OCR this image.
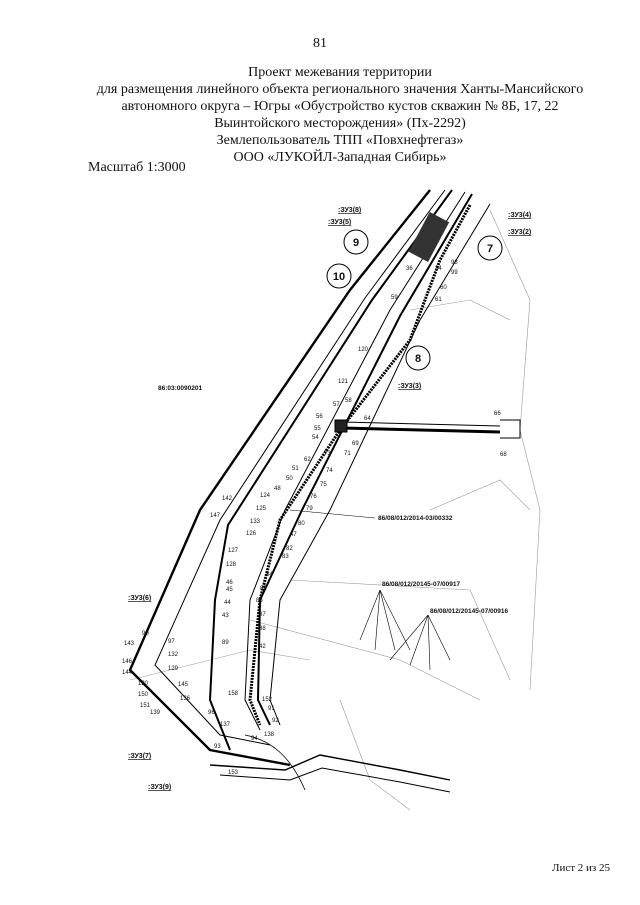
81
Проект межевания территории
для размещения линейного объекта регионального значения Ханты-Мансийского
автономного округа – Югры «Обустройство кустов скважин № 8Б, 17, 22
Выинтойского месторождения» (Пх-2292)
Землепользователь ТПП «Повхнефтегаз»
ООО «ЛУКОЙЛ-Западная Сибирь»
Масштаб 1:3000
9
10
7
8
:ЗУ3(8)
:ЗУ3(5)
:ЗУ3(4)
:ЗУ3(2)
:ЗУ3(3)
:ЗУ3(6)
:ЗУ3(7)
:ЗУ3(9)
86:03:0090201
86/08/012/2014-03/00332
86/08/012/20145-07/00917
86/08/012/20145-07/00916
36	34
98
99
60
59	61
120
121
57
58
56	64
55
54
69
73 71
66
68
62
74
51
50
75
48
76
142	124
79
125
147
80
133
126	47
82
127
83
128
84
46
85
45
86
44
87
43
88
42
89
90
97
143
132
146
129
144
130	145
150
136
151
139
158
152
96
91
137
92
138
93
94
153
Лист 2 из 25
